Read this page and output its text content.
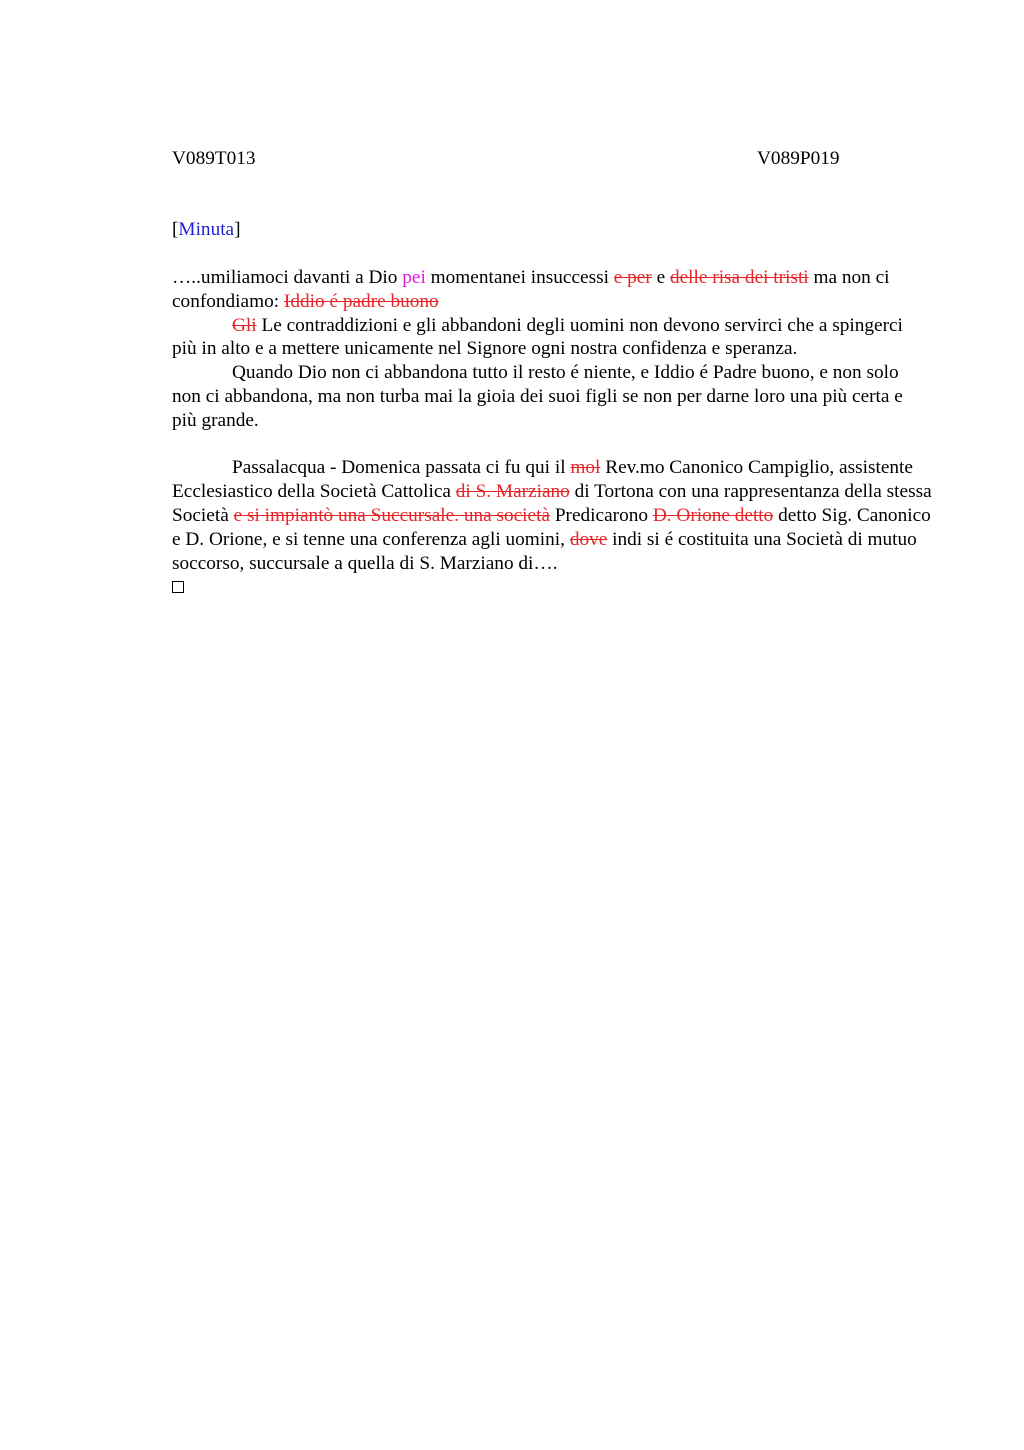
V089T013	V089P019
[Minuta]

…..umiliamoci davanti a Dio pei momentanei insuccessi e per e delle risa dei tristi ma non ci confondiamo: Iddio é padre buono

Gli Le contraddizioni e gli abbandoni degli uomini non devono servirci che a spingerci più in alto e a mettere unicamente nel Signore ogni nostra confidenza e speranza.

Quando Dio non ci abbandona tutto il resto é niente, e Iddio é Padre buono, e non solo non ci abbandona, ma non turba mai la gioia dei suoi figli se non per darne loro una più certa e più grande.

Passalacqua - Domenica passata ci fu qui il mol Rev.mo Canonico Campiglio, assistente Ecclesiastico della Società Cattolica di S. Marziano di Tortona con una rappresentanza della stessa Società e si impiantò una Succursale. una società Predicarono D. Orione detto detto Sig. Canonico e D. Orione, e si tenne una conferenza agli uomini, dove indi si é costituita una Società di mutuo soccorso, succursale a quella di S. Marziano di….
